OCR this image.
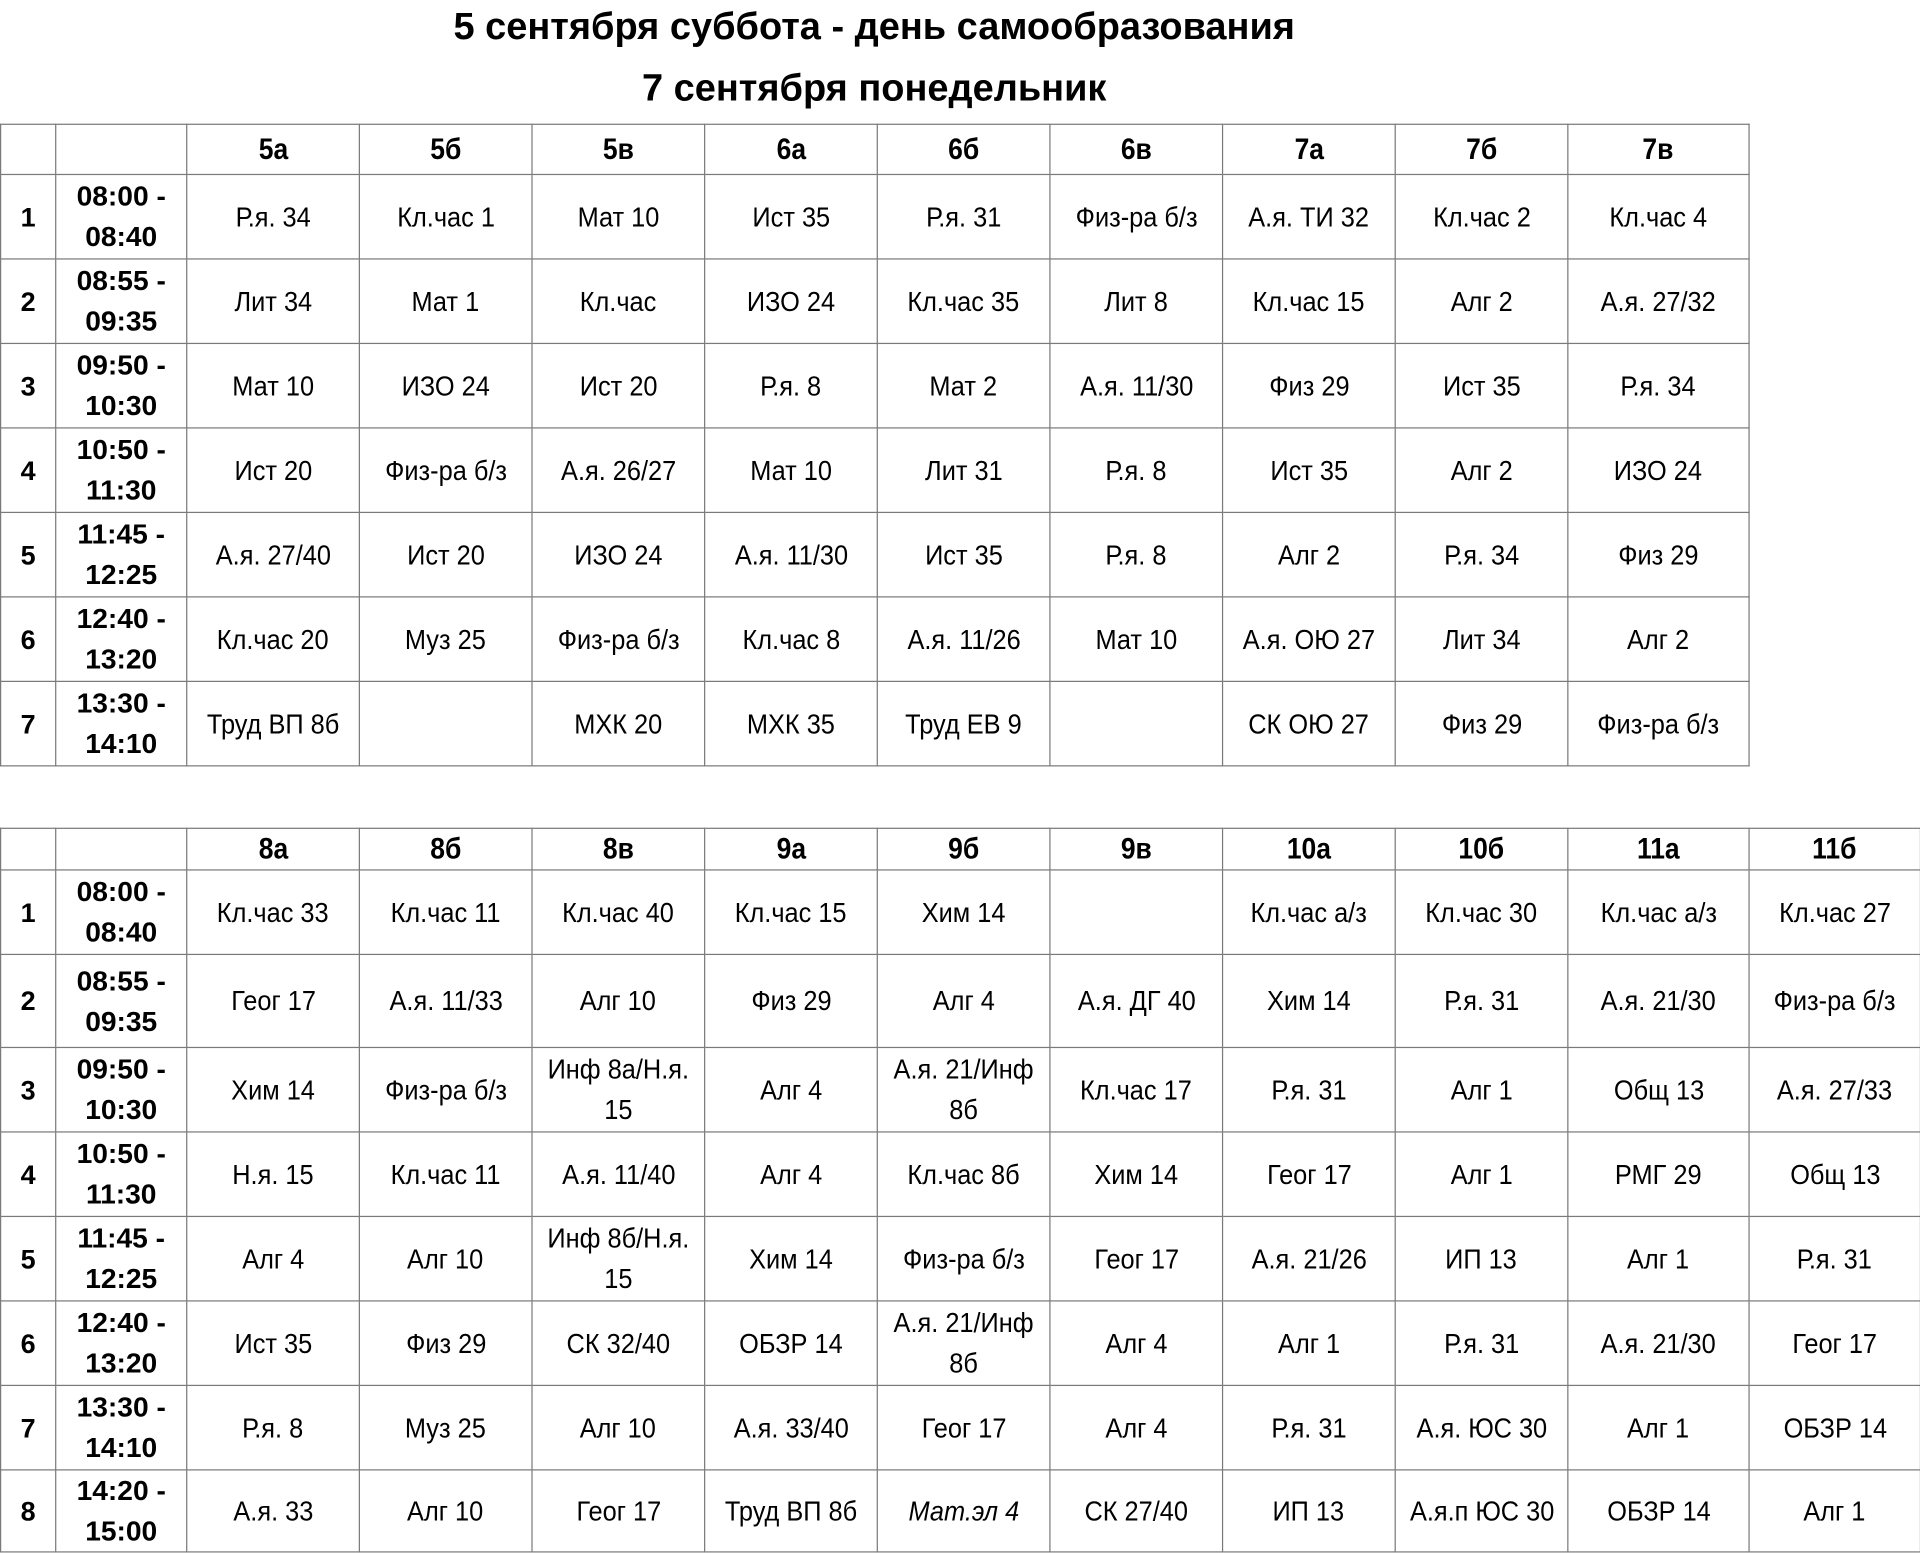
5 сентября суббота - день самообразования
7 сентября понедельник
		5а	5б	5в	6а	6б	6в	7а	7б	7в
1	08:00 -
08:40	Р.я. 34	Кл.час 1	Мат 10	Ист 35	Р.я. 31	Физ-ра б/з	А.я. ТИ 32	Кл.час 2	Кл.час 4
2	08:55 -
09:35	Лит 34	Мат 1	Кл.час	ИЗО 24	Кл.час 35	Лит 8	Кл.час 15	Алг 2	А.я. 27/32
3	09:50 -
10:30	Мат 10	ИЗО 24	Ист 20	Р.я. 8	Мат 2	А.я. 11/30	Физ 29	Ист 35	Р.я. 34
4	10:50 -
11:30	Ист 20	Физ-ра б/з	А.я. 26/27	Мат 10	Лит 31	Р.я. 8	Ист 35	Алг 2	ИЗО 24
5	11:45 -
12:25	А.я. 27/40	Ист 20	ИЗО 24	А.я. 11/30	Ист 35	Р.я. 8	Алг 2	Р.я. 34	Физ 29
6	12:40 -
13:20	Кл.час 20	Муз 25	Физ-ра б/з	Кл.час 8	А.я. 11/26	Мат 10	А.я. ОЮ 27	Лит 34	Алг 2
7	13:30 -
14:10	Труд ВП 8б		МХК 20	МХК 35	Труд ЕВ 9		СК ОЮ 27	Физ 29	Физ-ра б/з
		8а	8б	8в	9а	9б	9в	10а	10б	11а	11б
1	08:00 -
08:40	Кл.час 33	Кл.час 11	Кл.час 40	Кл.час 15	Хим 14		Кл.час а/з	Кл.час 30	Кл.час а/з	Кл.час 27
2	08:55 -
09:35	Геог 17	А.я. 11/33	Алг 10	Физ 29	Алг 4	А.я. ДГ 40	Хим 14	Р.я. 31	А.я. 21/30	Физ-ра б/з
3	09:50 -
10:30	Хим 14	Физ-ра б/з	Инф 8а/Н.я. 15	Алг 4	А.я. 21/Инф 8б	Кл.час 17	Р.я. 31	Алг 1	Общ 13	А.я. 27/33
4	10:50 -
11:30	Н.я. 15	Кл.час 11	А.я. 11/40	Алг 4	Кл.час 8б	Хим 14	Геог 17	Алг 1	РМГ 29	Общ 13
5	11:45 -
12:25	Алг 4	Алг 10	Инф 8б/Н.я. 15	Хим 14	Физ-ра б/з	Геог 17	А.я. 21/26	ИП 13	Алг 1	Р.я. 31
6	12:40 -
13:20	Ист 35	Физ 29	СК 32/40	ОБЗР 14	А.я. 21/Инф 8б	Алг 4	Алг 1	Р.я. 31	А.я. 21/30	Геог 17
7	13:30 -
14:10	Р.я. 8	Муз 25	Алг 10	А.я. 33/40	Геог 17	Алг 4	Р.я. 31	А.я. ЮС 30	Алг 1	ОБЗР 14
8	14:20 -
15:00	А.я. 33	Алг 10	Геог 17	Труд ВП 8б	Мат.эл 4	СК 27/40	ИП 13	А.я.п ЮС 30	ОБЗР 14	Алг 1
